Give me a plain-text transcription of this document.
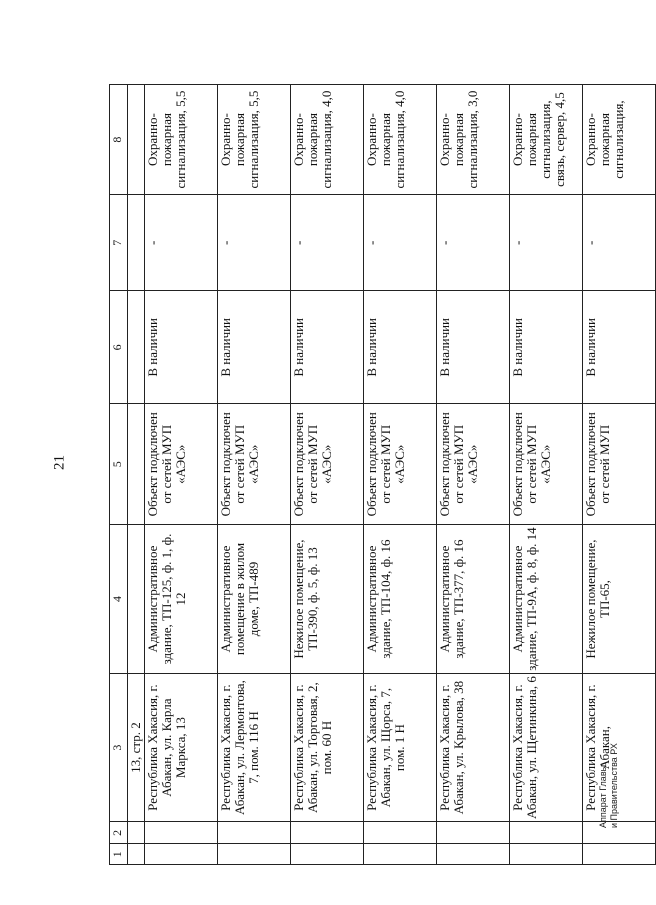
21
1	2	3	4	5	6	7	8
		13, стр. 2					
		Республика Хакасия, г. Абакан, ул. Карла Маркса, 13	Административное здание, ТП-125, ф. 1, ф. 12	Объект подключен от сетей МУП «АЭС»	В наличии	-	Охранно-пожарная сигнализация, 5,5
		Республика Хакасия, г. Абакан, ул. Лермонтова, 7, пом. 116 Н	Административное помещение в жилом доме, ТП-489	Объект подключен от сетей МУП «АЭС»	В наличии	-	Охранно-пожарная сигнализация, 5,5
		Республика Хакасия, г. Абакан, ул. Торговая, 2, пом. 60 Н	Нежилое помещение, ТП-390, ф. 5, ф. 13	Объект подключен от сетей МУП «АЭС»	В наличии	-	Охранно-пожарная сигнализация, 4,0
		Республика Хакасия, г. Абакан, ул. Щорса, 7, пом. 1 Н	Административное здание, ТП-104, ф. 16	Объект подключен от сетей МУП «АЭС»	В наличии	-	Охранно-пожарная сигнализация, 4,0
		Республика Хакасия, г. Абакан, ул. Крылова, 38	Административное здание, ТП-377, ф. 16	Объект подключен от сетей МУП «АЭС»	В наличии	-	Охранно-пожарная сигнализация, 3,0
		Республика Хакасия, г. Абакан, ул. Щетинкина, 6	Административное здание, ТП-9А, ф. 8, ф. 14	Объект подключен от сетей МУП «АЭС»	В наличии	-	Охранно-пожарная сигнализация, связь, сервер, 4,5
		Республика Хакасия, г. Абакан,	Нежилое помещение, ТП-65,	Объект подключен от сетей МУП	В наличии	-	Охранно-пожарная сигнализация,
Аппарат Главы и Правительства РХ
